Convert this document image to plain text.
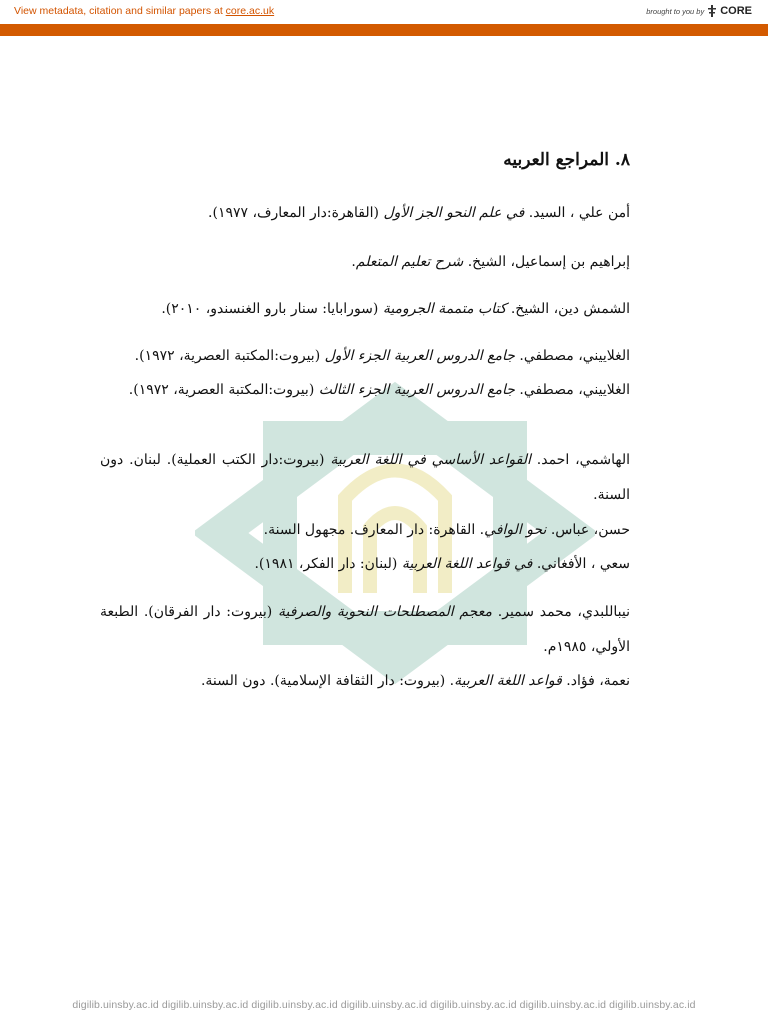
View metadata, citation and similar papers at core.ac.uk	brought to you by CORE
provided by Digital Library of UIN Sunan Ampel
٨. المراجع العربيه
أمن علي ، السيد. في علم النحو الجز الأول (القاهرة:دار المعارف، ١٩٧٧).
إبراهيم بن إسماعيل، الشيخ. شرح تعليم المتعلم.
الشمش دين، الشيخ. كتاب متممة الجرومية (سورابايا: سنار بارو الغنسندو، ٢٠١٠).
الغلاييني، مصطفي. جامع الدروس العربية الجزء الأول (بيروت:المكتبة العصرية، ١٩٧٢).
الغلاييني، مصطفي. جامع الدروس العربية الجزء الثالث (بيروت:المكتبة العصرية، ١٩٧٢).
الهاشمي، احمد. القواعد الأساسي في اللغة العربية (بيروت:دار الكتب العملية). لبنان. دون السنة.
حسن، عباس. نحو الوافي. القاهرة: دار المعارف. مجهول السنة.
سعي ، الأفغاني. في قواعد اللغة العربية (لبنان: دار الفكر، ١٩٨١).
نيباللبدي، محمد سمير. معجم المصطلحات النحوية والصرفية (بيروت: دار الفرقان). الطبعة الأولي، ١٩٨٥م.
نعمة، فؤاد. قواعد اللغة العربية. (بيروت: دار الثقافة الإسلامية). دون السنة.
digilib.uinsby.ac.id digilib.uinsby.ac.id digilib.uinsby.ac.id digilib.uinsby.ac.id digilib.uinsby.ac.id digilib.uinsby.ac.id digilib.uinsby.ac.id
